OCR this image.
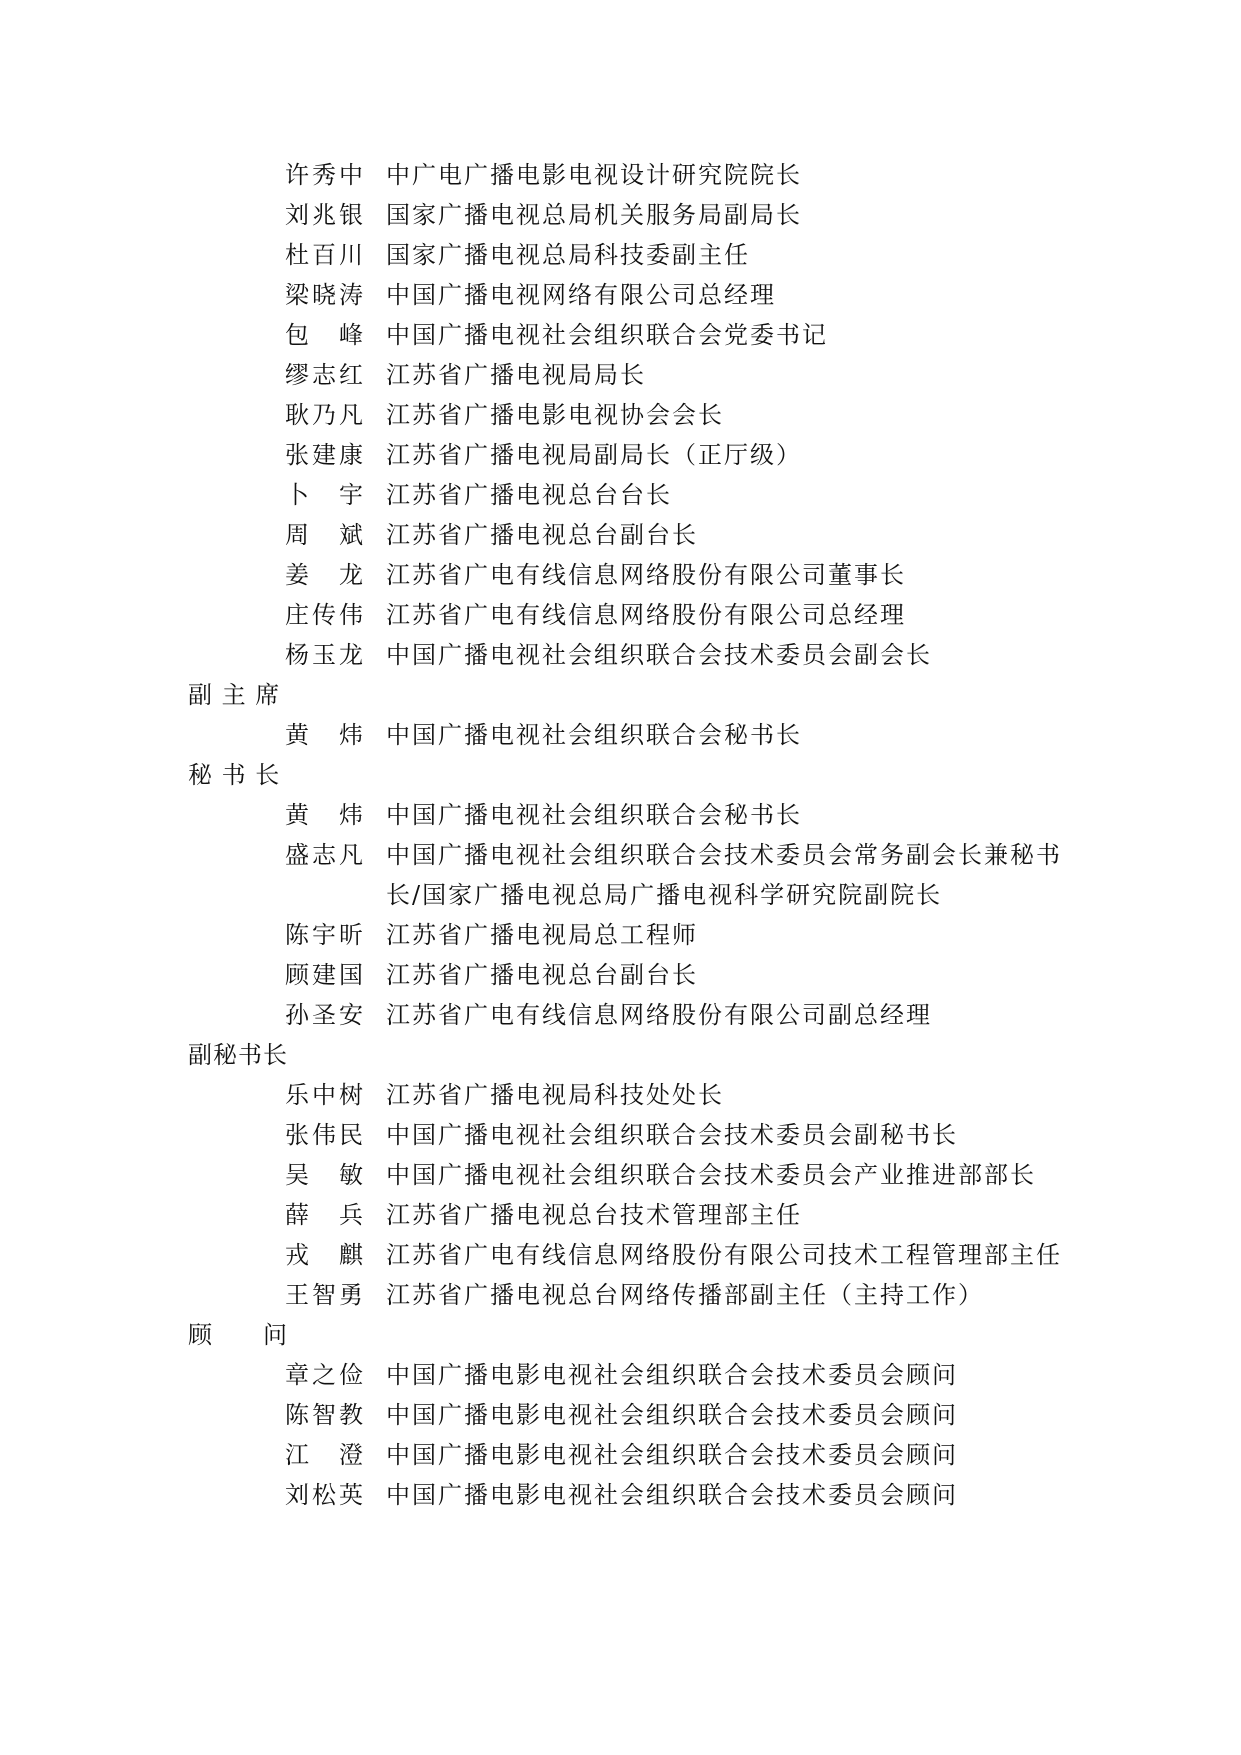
许秀中 中广电广播电影电视设计研究院院长
刘兆银 国家广播电视总局机关服务局副局长
杜百川 国家广播电视总局科技委副主任
梁晓涛 中国广播电视网络有限公司总经理
包　峰 中国广播电视社会组织联合会党委书记
缪志红 江苏省广播电视局局长
耿乃凡 江苏省广播电影电视协会会长
张建康 江苏省广播电视局副局长（正厅级）
卜　宇 江苏省广播电视总台台长
周　斌 江苏省广播电视总台副台长
姜　龙 江苏省广电有线信息网络股份有限公司董事长
庄传伟 江苏省广电有线信息网络股份有限公司总经理
杨玉龙 中国广播电视社会组织联合会技术委员会副会长
副 主 席
黄　炜 中国广播电视社会组织联合会秘书长
秘 书 长
黄　炜 中国广播电视社会组织联合会秘书长
盛志凡 中国广播电视社会组织联合会技术委员会常务副会长兼秘书
长/国家广播电视总局广播电视科学研究院副院长
陈宇昕 江苏省广播电视局总工程师
顾建国 江苏省广播电视总台副台长
孙圣安 江苏省广电有线信息网络股份有限公司副总经理
副秘书长
乐中树 江苏省广播电视局科技处处长
张伟民 中国广播电视社会组织联合会技术委员会副秘书长
吴　敏 中国广播电视社会组织联合会技术委员会产业推进部部长
薛　兵 江苏省广播电视总台技术管理部主任
戎　麒 江苏省广电有线信息网络股份有限公司技术工程管理部主任
王智勇 江苏省广播电视总台网络传播部副主任（主持工作）
顾　　问
章之俭 中国广播电影电视社会组织联合会技术委员会顾问
陈智教 中国广播电影电视社会组织联合会技术委员会顾问
江　澄 中国广播电影电视社会组织联合会技术委员会顾问
刘松英 中国广播电影电视社会组织联合会技术委员会顾问
